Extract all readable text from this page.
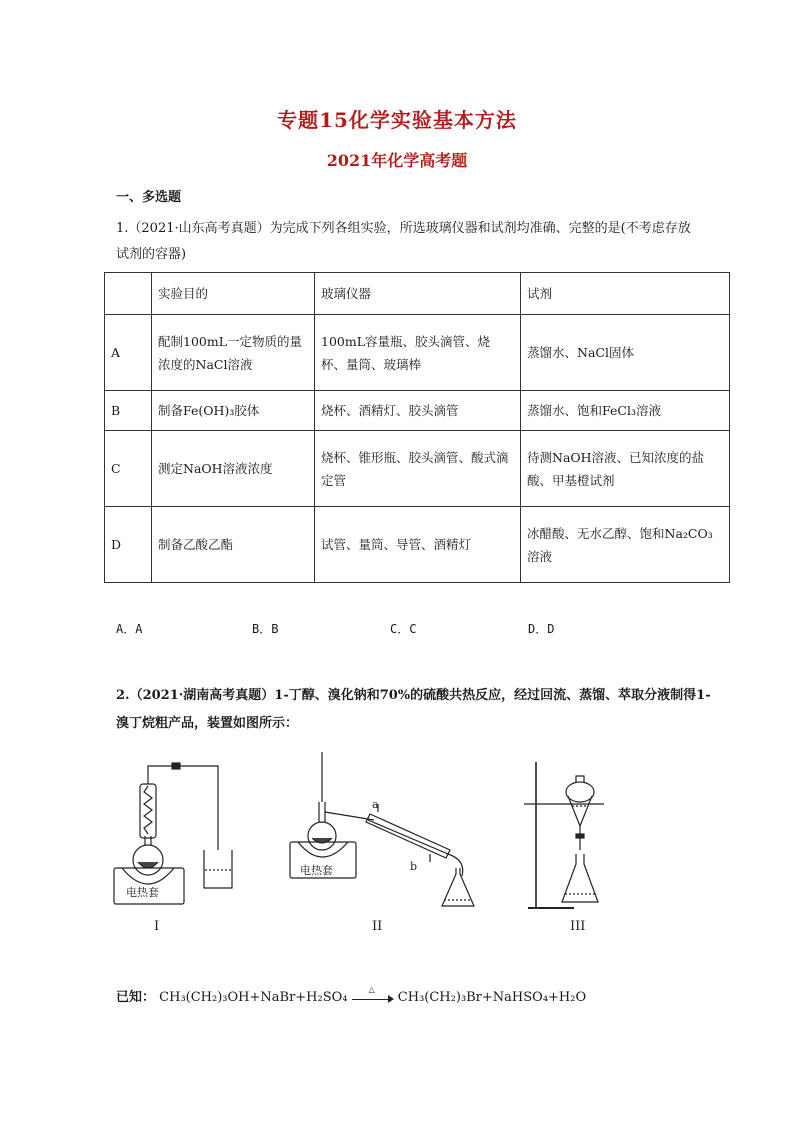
专题15化学实验基本方法
2021年化学高考题
一、多选题
1.（2021·山东高考真题）为完成下列各组实验，所选玻璃仪器和试剂均准确、完整的是(不考虑存放试剂的容器)
	实验目的	玻璃仪器	试剂
A	配制100mL一定物质的量浓度的NaCl溶液	100mL容量瓶、胶头滴管、烧杯、量筒、玻璃棒	蒸馏水、NaCl固体
B	制备Fe(OH)₃胶体	烧杯、酒精灯、胶头滴管	蒸馏水、饱和FeCl₃溶液
C	测定NaOH溶液浓度	烧杯、锥形瓶、胶头滴管、酸式滴定管	待测NaOH溶液、已知浓度的盐酸、甲基橙试剂
D	制备乙酸乙酯	试管、量筒、导管、酒精灯	冰醋酸、无水乙醇、饱和Na₂CO₃溶液
A．A	B．B	C．C	D．D
2.（2021·湖南高考真题）1-丁醇、溴化钠和70%的硫酸共热反应，经过回流、蒸馏、萃取分液制得1-溴丁烷粗产品，装置如图所示：
电热套
a
b
电热套
I	II	III
已知： CH₃(CH₂)₃OH+NaBr+H₂SO₄
△
CH₃(CH₂)₃Br+NaHSO₄+H₂O
